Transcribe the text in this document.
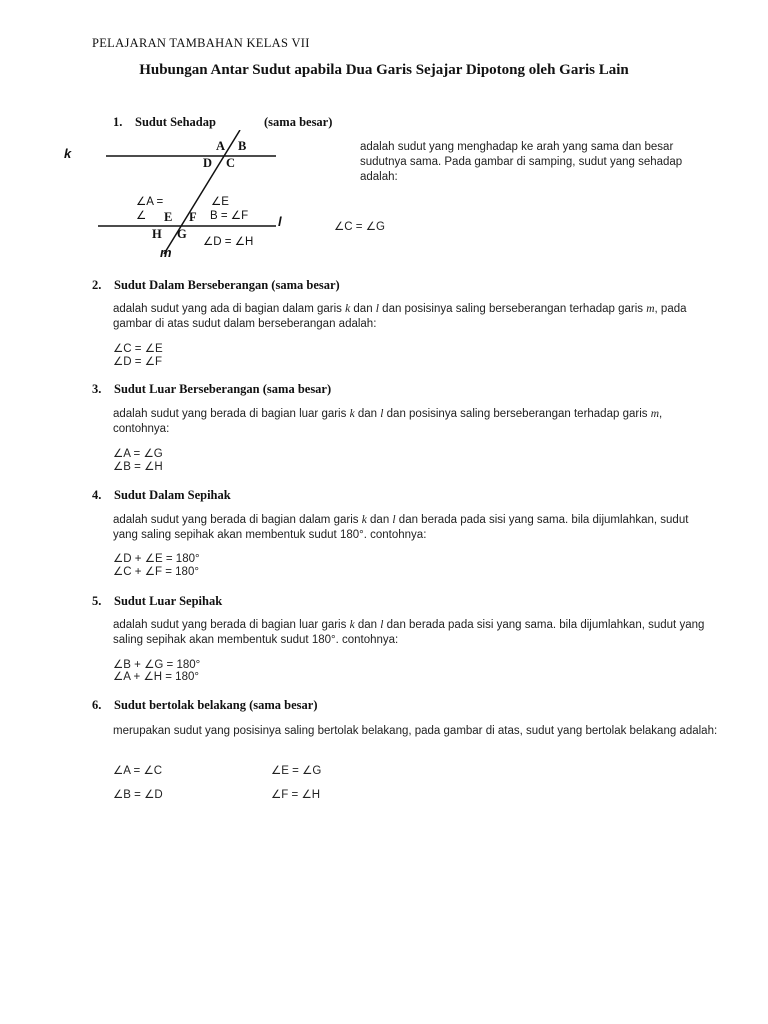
PELAJARAN TAMBAHAN KELAS VII
Hubungan Antar Sudut apabila Dua Garis Sejajar Dipotong oleh Garis Lain
1. Sudut Sehadap	(sama besar)
k
l
m
A B
D C
E F
H G
∠A =
∠
∠E
B = ∠F
∠D = ∠H
adalah sudut yang menghadap ke arah yang sama dan besar sudutnya sama. Pada gambar di samping, sudut yang sehadap adalah:
∠C = ∠G
2. Sudut Dalam Berseberangan (sama besar)
adalah sudut yang ada di bagian dalam garis k dan l dan posisinya saling berseberangan terhadap garis m, pada gambar di atas sudut dalam berseberangan adalah:
∠C = ∠E
∠D = ∠F
3. Sudut Luar Berseberangan (sama besar)
adalah sudut yang berada di bagian luar garis k dan l dan posisinya saling berseberangan terhadap garis m, contohnya:
∠A = ∠G
∠B = ∠H
4. Sudut Dalam Sepihak
adalah sudut yang berada di bagian dalam garis k dan l dan berada pada sisi yang sama. bila dijumlahkan, sudut yang saling sepihak akan membentuk sudut 180°. contohnya:
∠D + ∠E = 180°
∠C + ∠F = 180°
5. Sudut Luar Sepihak
adalah sudut yang berada di bagian luar garis k dan l dan berada pada sisi yang sama. bila dijumlahkan, sudut yang saling sepihak akan membentuk sudut 180°. contohnya:
∠B + ∠G = 180°
∠A + ∠H = 180°
6. Sudut bertolak belakang (sama besar)
merupakan sudut yang posisinya saling bertolak belakang, pada gambar di atas, sudut yang bertolak belakang adalah:
∠A = ∠C	∠E = ∠G
∠B = ∠D	∠F = ∠H
